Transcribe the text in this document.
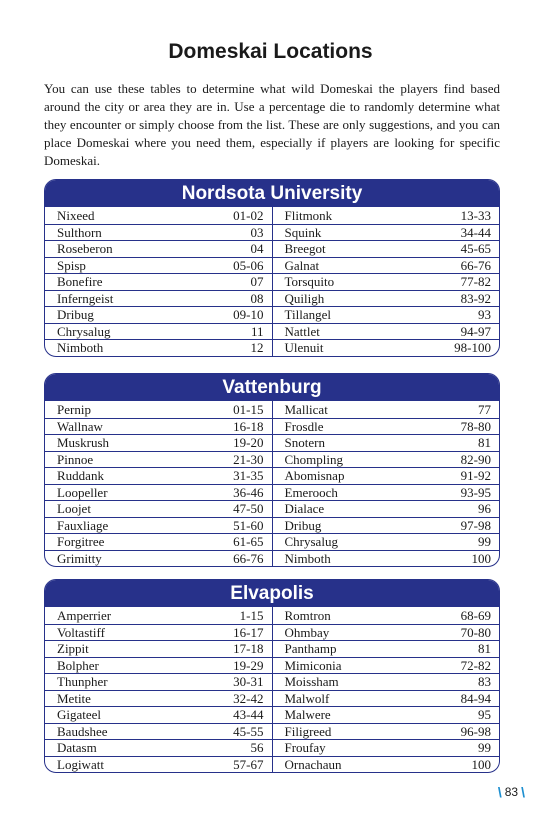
Domeskai Locations
You can use these tables to determine what wild Domeskai the players find based around the city or area they are in. Use a percentage die to randomly determine what they encounter or simply choose from the list. These are only suggestions, and you can place Domeskai where you need them, especially if players are looking for specific Domeskai.
Nordsota University
Nixeed	01-02 Flitmonk	13-33
Sulthorn	03 Squink	34-44
Roseberon	04 Breegot	45-65
Spisp	05-06 Galnat	66-76
Bonefire	07 Torsquito	77-82
Inferngeist	08 Quiligh	83-92
Dribug	09-10 Tillangel	93
Chrysalug	11 Nattlet	94-97
Nimboth	12 Ulenuit	98-100
Vattenburg
Pernip	01-15 Mallicat	77
Wallnaw	16-18 Frosdle	78-80
Muskrush	19-20 Snotern	81
Pinnoe	21-30 Chompling	82-90
Ruddank	31-35 Abomisnap	91-92
Loopeller	36-46 Emerooch	93-95
Loojet	47-50 Dialace	96
Fauxliage	51-60 Dribug	97-98
Forgitree	61-65 Chrysalug	99
Grimitty	66-76 Nimboth	100
Elvapolis
Amperrier	1-15 Romtron	68-69
Voltastiff	16-17 Ohmbay	70-80
Zippit	17-18 Panthamp	81
Bolpher	19-29 Mimiconia	72-82
Thunpher	30-31 Moissham	83
Metite	32-42 Malwolf	84-94
Gigateel	43-44 Malwere	95
Baudshee	45-55 Filigreed	96-98
Datasm	56 Froufay	99
Logiwatt	57-67 Ornachaun	100
\ 83 \
